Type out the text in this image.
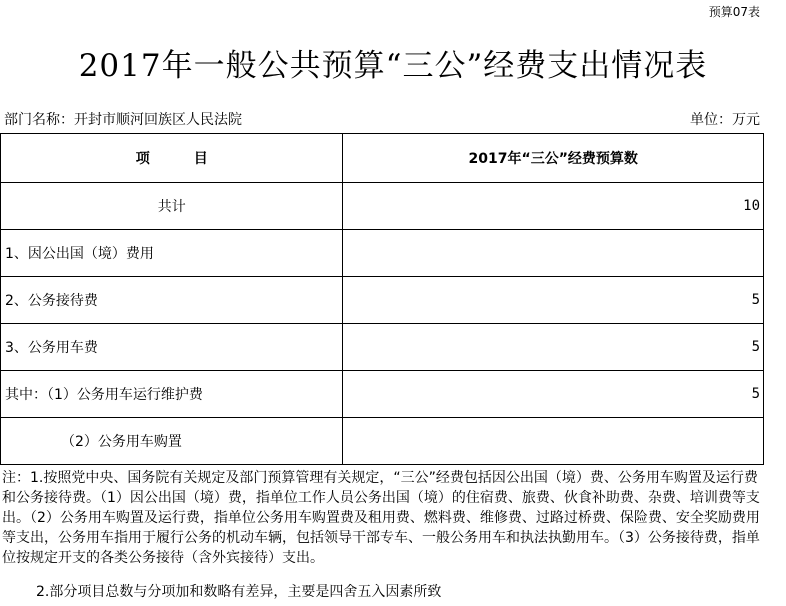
预算07表
2017年一般公共预算“三公”经费支出情况表
部门名称：开封市顺河回族区人民法院	单位：万元
项 目	2017年“三公”经费预算数
共计	10
1、因公出国（境）费用	
2、公务接待费	5
3、公务用车费	5
其中：（1）公务用车运行维护费	5
（2）公务用车购置	
注：1.按照党中央、国务院有关规定及部门预算管理有关规定，“三公”经费包括因公出国（境）费、公务用车购置及运行费和公务接待费。（1）因公出国（境）费，指单位工作人员公务出国（境）的住宿费、旅费、伙食补助费、杂费、培训费等支出。（2）公务用车购置及运行费，指单位公务用车购置费及租用费、燃料费、维修费、过路过桥费、保险费、安全奖励费用等支出，公务用车指用于履行公务的机动车辆，包括领导干部专车、一般公务用车和执法执勤用车。（3）公务接待费，指单位按规定开支的各类公务接待（含外宾接待）支出。
2.部分项目总数与分项加和数略有差异，主要是四舍五入因素所致
